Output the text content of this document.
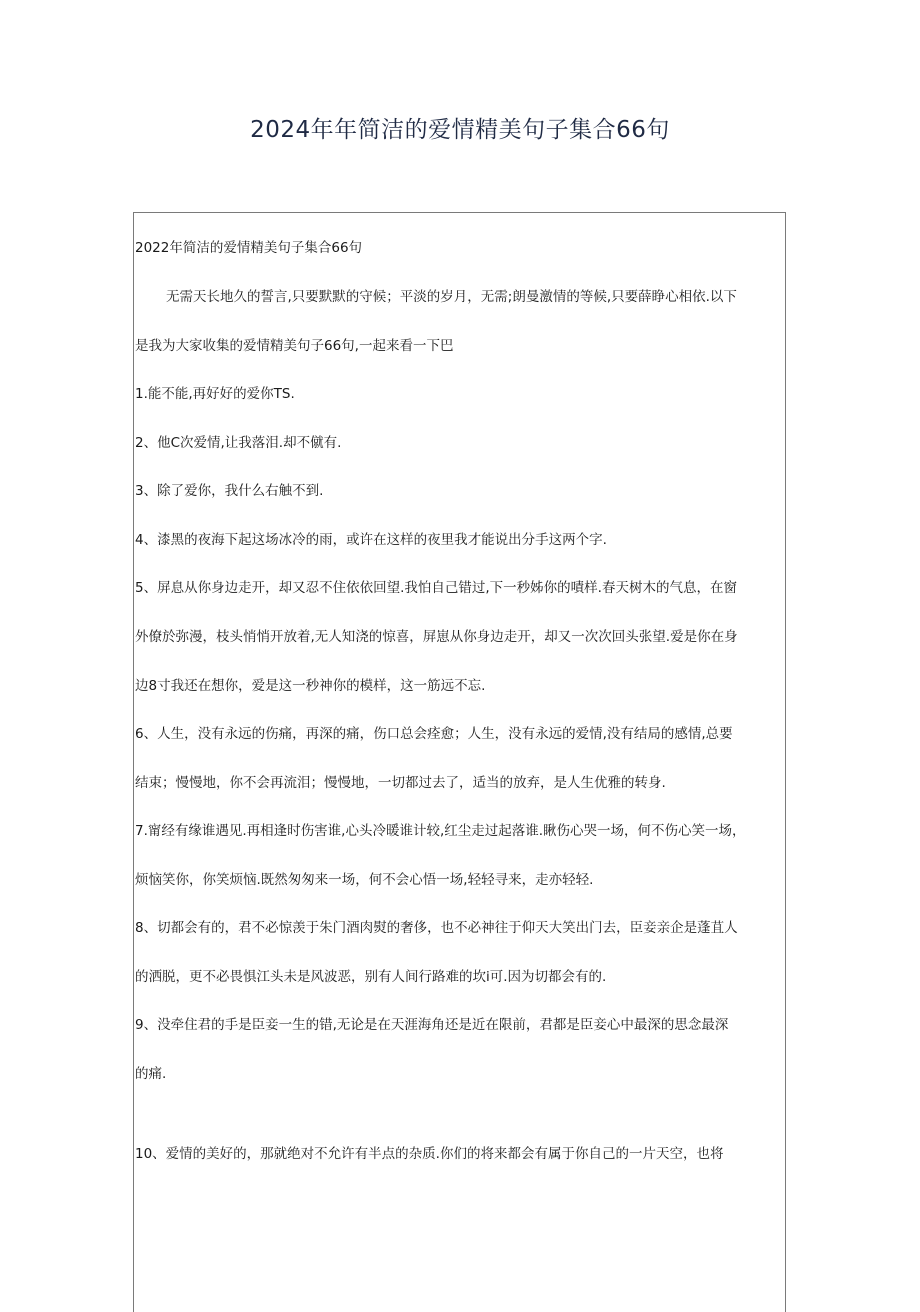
2024年年简洁的爱情精美句子集合66句
2022年简洁的爱情精美句子集合66句
无需天长地久的誓言,只要默默的守候；平淡的岁月，无需;朗曼激情的等候,只要薛睁心相依.以下
是我为大家收集的爱情精美句子66句,一起来看一下巴
1.能不能,再好好的爱你TS.
2、他C次爱情,让我落泪.却不僦有.
3、除了爱你，我什么右触不到.
4、漆黑的夜海下起这场冰冷的雨，或许在这样的夜里我才能说出分手这两个字.
5、屏息从你身边走开，却又忍不住依依回望.我怕自己错过,下一秒姊你的嘖样.春天树木的气息，在窗
外僚於弥漫，枝头悄悄开放着,无人知浇的惊喜，屏崽从你身边走开，却又一次次回头张望.爱是你在身
边8寸我还在想你，爱是这一秒神你的模样，这一筋远不忘.
6、人生，没有永远的伤痛，再深的痛，伤口总会痊愈；人生，没有永远的爱情,没有结局的感情,总要
结束；慢慢地，你不会再流泪；慢慢地，一切都过去了，适当的放弃，是人生优雅的转身.
7.甯经有缘谁遇见.再相逢时伤害谁,心头冷暖谁计较,红尘走过起落谁.瞅伤心哭一场，何不伤心笑一场，
烦恼笑你，你笑烦恼.既然匆匆来一场，何不会心悟一场,轻轻寻来，走亦轻轻.
8、切都会有的，君不必惊羡于朱门酒肉熨的奢侈，也不必神往于仰天大笑出门去，臣妾亲企是蓬苴人
的洒脱，更不必畏惧江头未是风波恶，别有人间行路难的坎i可.因为切都会有的.
9、没牵住君的手是臣妾一生的错,无论是在天涯海角还是近在限前，君都是臣妾心中最深的思念最深
的痛.
10、爱情的美好的，那就绝对不允许有半点的杂质.你们的将来都会有属于你自己的一片天空，也将
